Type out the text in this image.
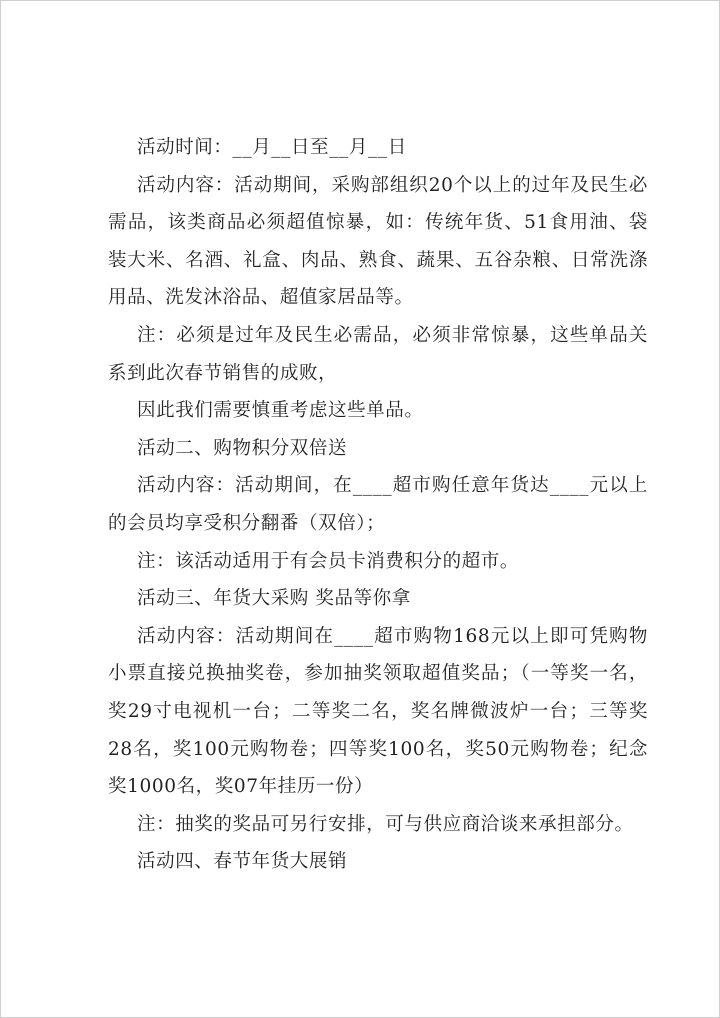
活动时间：__月__日至__月__日

活动内容：活动期间，采购部组织20个以上的过年及民生必需品，该类商品必须超值惊暴，如：传统年货、51食用油、袋装大米、名酒、礼盒、肉品、熟食、蔬果、五谷杂粮、日常洗涤用品、洗发沐浴品、超值家居品等。

注：必须是过年及民生必需品，必须非常惊暴，这些单品关系到此次春节销售的成败，

因此我们需要慎重考虑这些单品。

活动二、购物积分双倍送

活动内容：活动期间，在____超市购任意年货达____元以上的会员均享受积分翻番（双倍）；

注：该活动适用于有会员卡消费积分的超市。

活动三、年货大采购 奖品等你拿

活动内容：活动期间在____超市购物168元以上即可凭购物小票直接兑换抽奖卷，参加抽奖领取超值奖品；（一等奖一名，奖29寸电视机一台；二等奖二名，奖名牌微波炉一台；三等奖28名，奖100元购物卷；四等奖100名，奖50元购物卷；纪念奖1000名，奖07年挂历一份）

注：抽奖的奖品可另行安排，可与供应商洽谈来承担部分。

活动四、春节年货大展销
